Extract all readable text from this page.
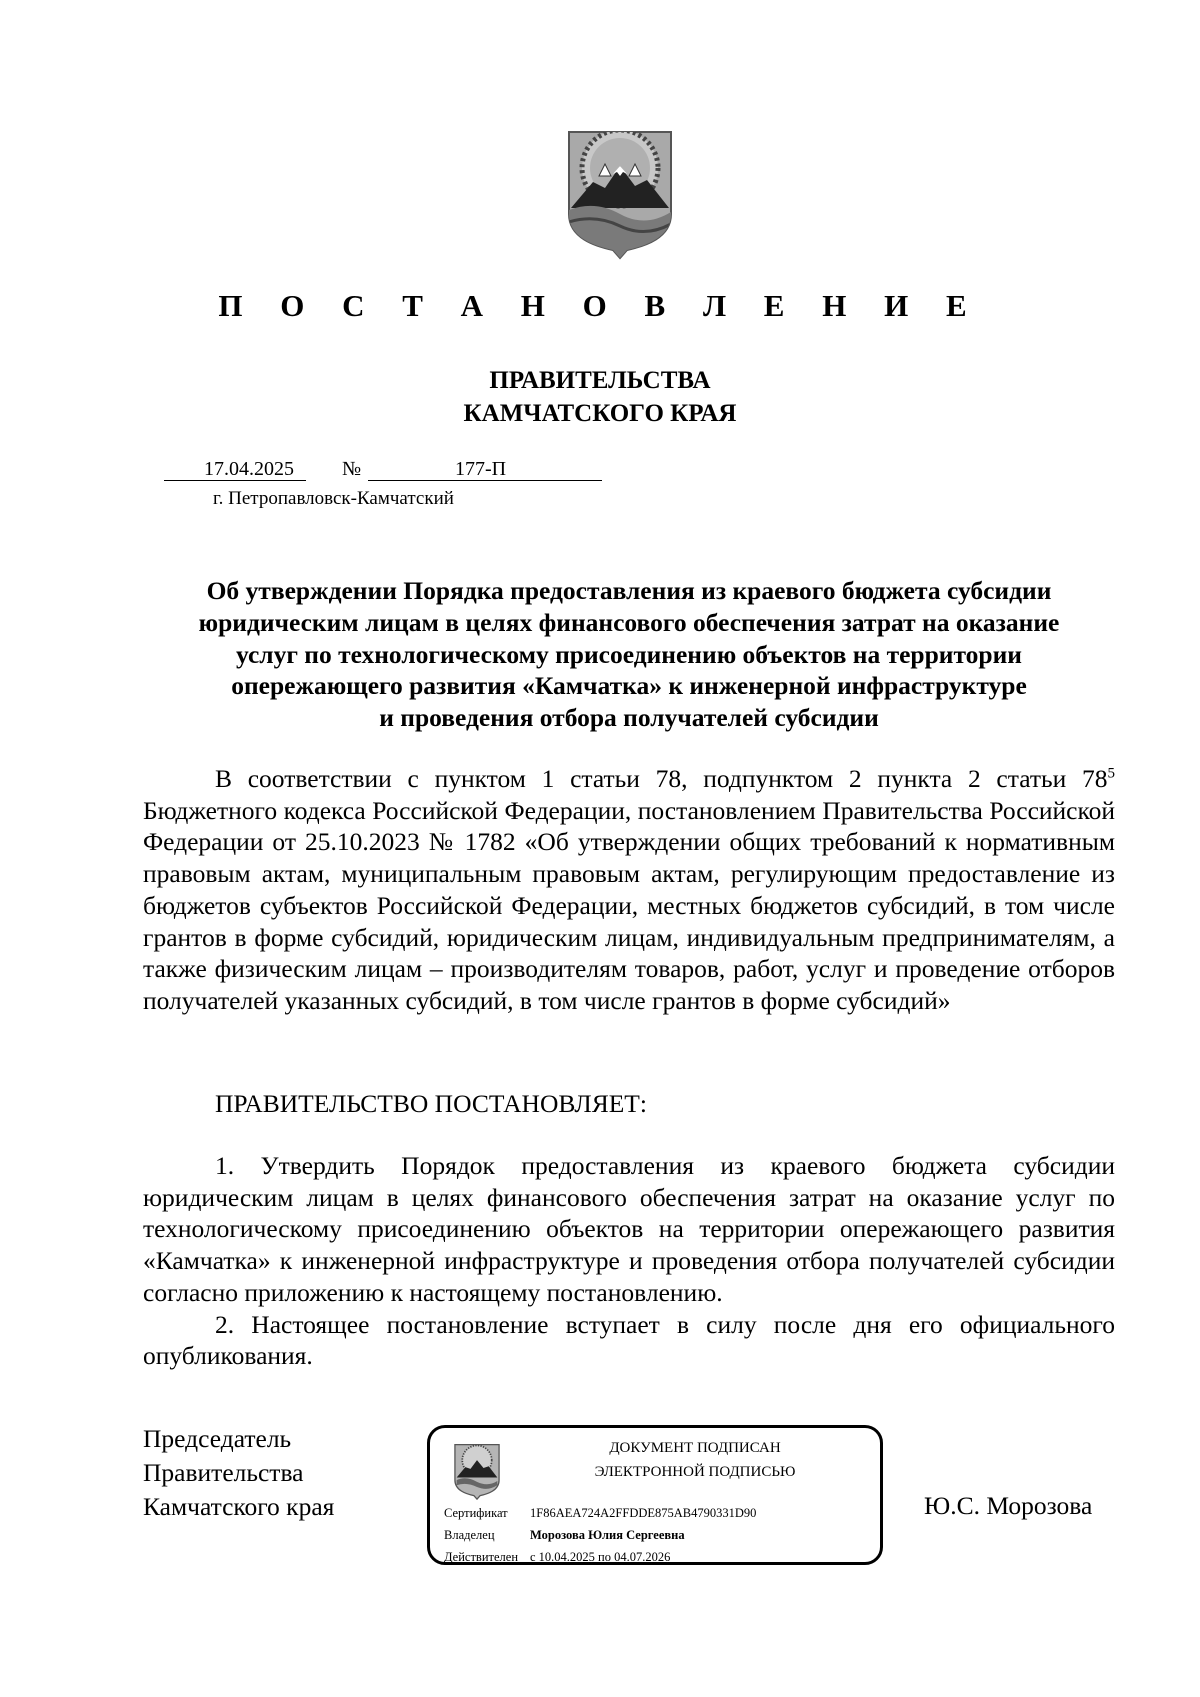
П О С Т А Н О В Л Е Н И Е
ПРАВИТЕЛЬСТВА
КАМЧАТСКОГО КРАЯ
17.04.2025 №	177-П
г. Петропавловск-Камчатский
Об утверждении Порядка предоставления из краевого бюджета субсидии
юридическим лицам в целях финансового обеспечения затрат на оказание
услуг по технологическому присоединению объектов на территории
опережающего развития «Камчатка» к инженерной инфраструктуре
и проведения отбора получателей субсидии
В соответствии с пунктом 1 статьи 78, подпунктом 2 пункта 2 статьи $78^5$ Бюджетного кодекса Российской Федерации, постановлением Правительства Российской Федерации от 25.10.2023 № 1782 «Об утверждении общих требований к нормативным правовым актам, муниципальным правовым актам, регулирующим предоставление из бюджетов субъектов Российской Федерации, местных бюджетов субсидий, в том числе грантов в форме субсидий, юридическим лицам, индивидуальным предпринимателям, а также физическим лицам – производителям товаров, работ, услуг и проведение отборов получателей указанных субсидий, в том числе грантов в форме субсидий»
ПРАВИТЕЛЬСТВО ПОСТАНОВЛЯЕТ:

1. Утвердить Порядок предоставления из краевого бюджета субсидии юридическим лицам в целях финансового обеспечения затрат на оказание услуг по технологическому присоединению объектов на территории опережающего развития «Камчатка» к инженерной инфраструктуре и проведения отбора получателей субсидии согласно приложению к настоящему постановлению.

2. Настоящее постановление вступает в силу после дня его официального опубликования.

Председатель
Правительства
Камчатского края
ДОКУМЕНТ ПОДПИСАН
ЭЛЕКТРОННОЙ ПОДПИСЬЮ
Сертификат 1F86AEA724A2FFDDE875AB4790331D90
Владелец	Морозова Юлия Сергеевна
Действителен с 10.04.2025 по 04.07.2026
Ю.С. Морозова
